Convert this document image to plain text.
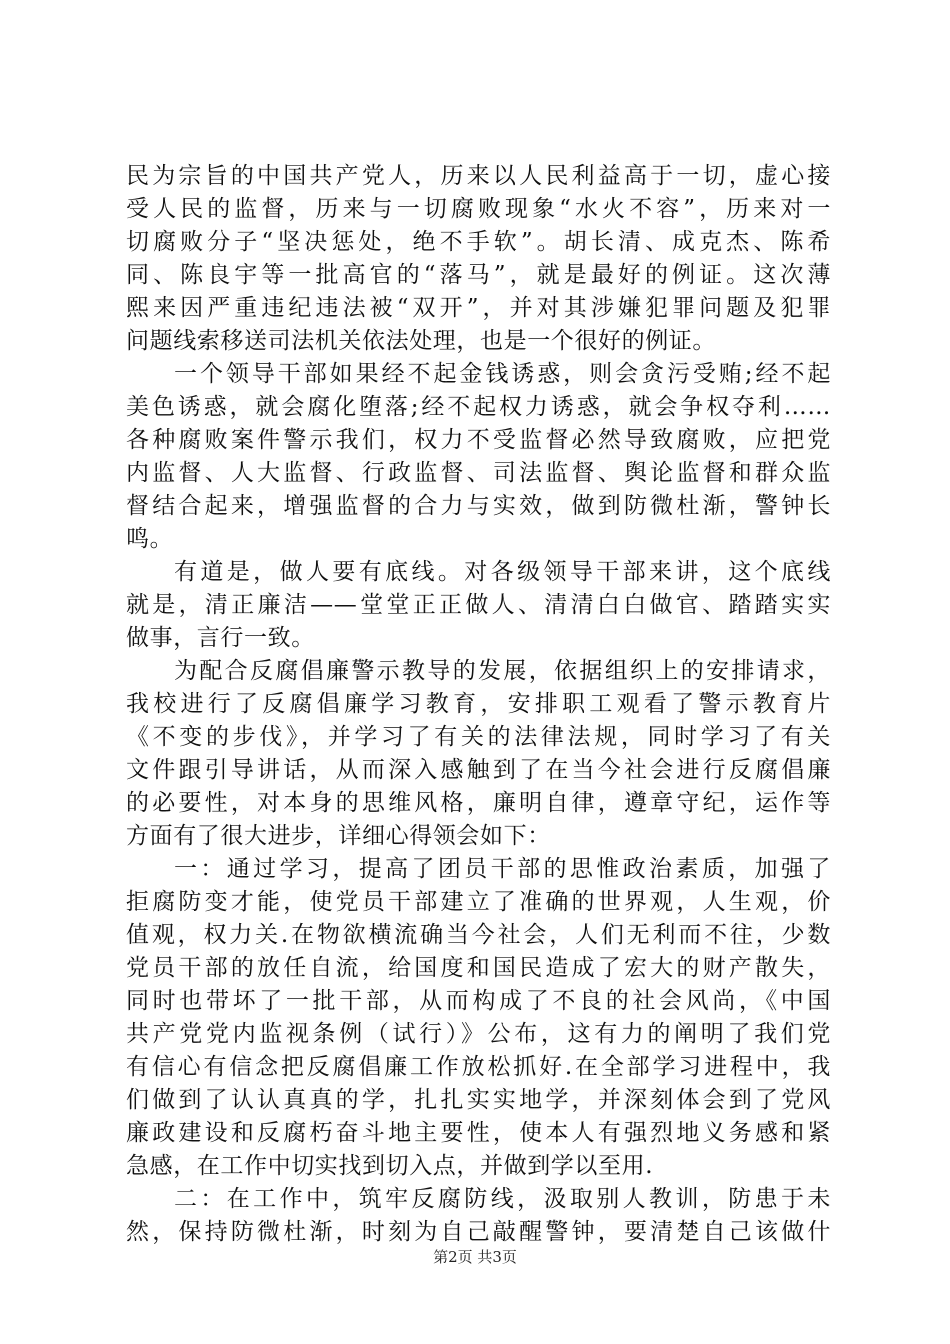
民为宗旨的中国共产党人，历来以人民利益高于一切，虚心接
受人民的监督，历来与一切腐败现象“水火不容”，历来对一
切腐败分子“坚决惩处，绝不手软”。胡长清、成克杰、陈希
同、陈良宇等一批高官的“落马”，就是最好的例证。这次薄
熙来因严重违纪违法被“双开”，并对其涉嫌犯罪问题及犯罪
问题线索移送司法机关依法处理，也是一个很好的例证。
一个领导干部如果经不起金钱诱惑，则会贪污受贿;经不起
美色诱惑，就会腐化堕落;经不起权力诱惑，就会争权夺利……
各种腐败案件警示我们，权力不受监督必然导致腐败，应把党
内监督、人大监督、行政监督、司法监督、舆论监督和群众监
督结合起来，增强监督的合力与实效，做到防微杜渐，警钟长
鸣。
有道是，做人要有底线。对各级领导干部来讲，这个底线
就是，清正廉洁——堂堂正正做人、清清白白做官、踏踏实实
做事，言行一致。
为配合反腐倡廉警示教导的发展，依据组织上的安排请求，
我校进行了反腐倡廉学习教育，安排职工观看了警示教育片
《不变的步伐》，并学习了有关的法律法规，同时学习了有关
文件跟引导讲话，从而深入感触到了在当今社会进行反腐倡廉
的必要性，对本身的思维风格，廉明自律，遵章守纪，运作等
方面有了很大进步，详细心得领会如下：
一：通过学习，提高了团员干部的思惟政治素质，加强了
拒腐防变才能，使党员干部建立了准确的世界观，人生观，价
值观，权力关.在物欲横流确当今社会，人们无利而不往，少数
党员干部的放任自流，给国度和国民造成了宏大的财产散失，
同时也带坏了一批干部，从而构成了不良的社会风尚，《中国
共产党党内监视条例（试行）》公布，这有力的阐明了我们党
有信心有信念把反腐倡廉工作放松抓好.在全部学习进程中，我
们做到了认认真真的学，扎扎实实地学，并深刻体会到了党风
廉政建设和反腐朽奋斗地主要性，使本人有强烈地义务感和紧
急感，在工作中切实找到切入点，并做到学以至用.
二：在工作中，筑牢反腐防线，汲取别人教训，防患于未
然，保持防微杜渐，时刻为自己敲醒警钟，要清楚自己该做什
第2页 共3页
